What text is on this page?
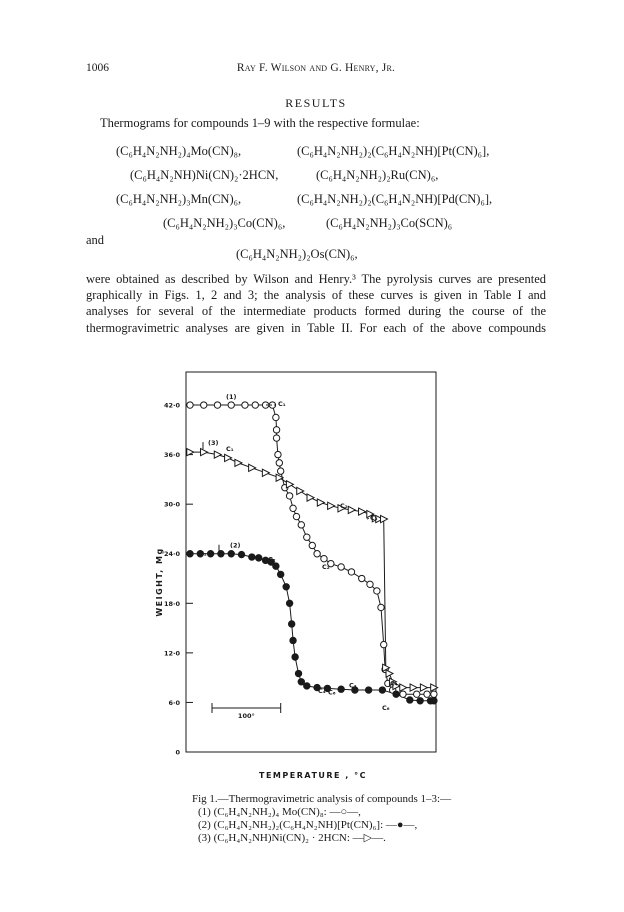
1006	Ray F. Wilson and G. Henry, Jr.
RESULTS
Thermograms for compounds 1–9 with the respective formulae:
(C₆H₄N₂NH₂)₄Mo(CN)₈,	(C₆H₄N₂NH₂)₂(C₆H₄N₂NH)[Pt(CN)₆],
(C₆H₄N₂NH)Ni(CN)₂·2HCN,	(C₆H₄N₂NH₂)₂Ru(CN)₆,
(C₆H₄N₂NH₂)₃Mn(CN)₆,	(C₆H₄N₂NH₂)₂(C₆H₄N₂NH)[Pd(CN)₆],
(C₆H₄N₂NH₂)₃Co(CN)₆,	(C₆H₄N₂NH₂)₃Co(SCN)₆
and
(C₆H₄N₂NH₂)₂Os(CN)₆,
were obtained as described by Wilson and Henry.³ The pyrolysis curves are presented
graphically in Figs. 1, 2 and 3; the analysis of these curves is given in Table I and
analyses for several of the intermediate products formed during the course of the
thermogravimetric analyses are given in Table II. For each of the above compounds
0
6·0
12·0
18·0
24·0
30·0
36·0
42·0
WEIGHT, Mg
TEMPERATURE , °C
100°
(1)
(3)
(2)
C₁
C₁
C₁
C₂
C₃
C₂
C₂
C₄ C₆
C₃	C₄
C₅
C₆
Fig 1.—Thermogravimetric analysis of compounds 1–3:—
(1) (C₆H₄N₂NH₂)₄ Mo(CN)₈: —○—,
(2) (C₆H₄N₂NH₂)₂(C₆H₄N₂NH)[Pt(CN)₆]: —●—,
(3) (C₆H₄N₂NH)Ni(CN)₂ · 2HCN: —▷—.
